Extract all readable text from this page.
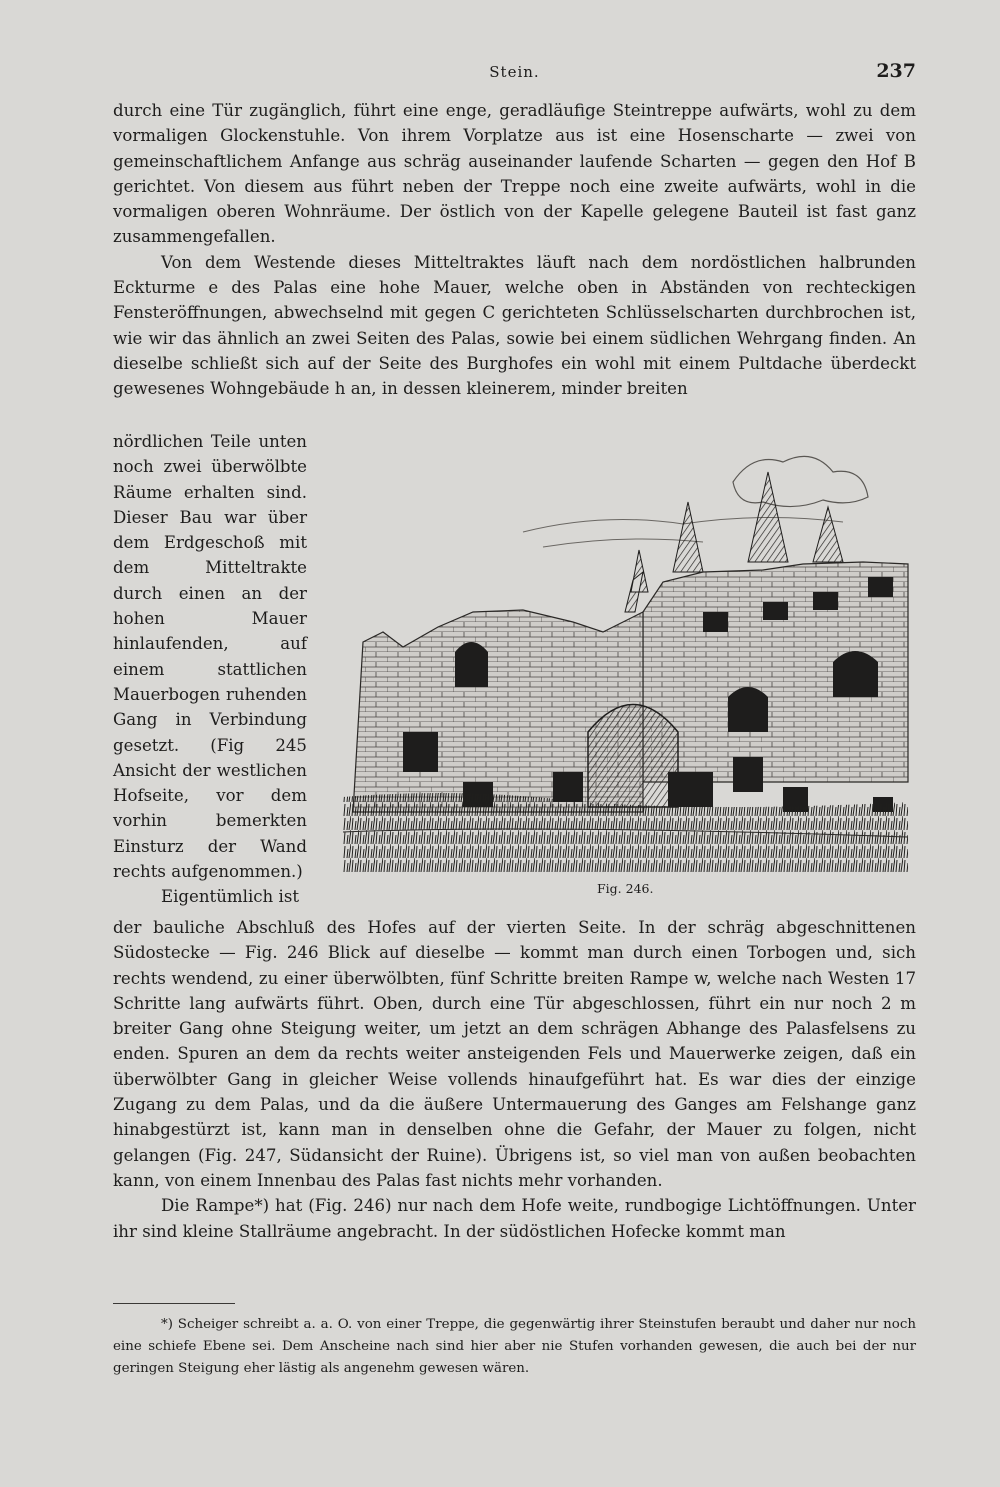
Stein.	237

durch eine Tür zugänglich, führt eine enge, geradläufige Steintreppe aufwärts, wohl zu dem vormaligen Glockenstuhle. Von ihrem Vorplatze aus ist eine Hosenscharte — zwei von gemeinschaftlichem Anfange aus schräg auseinander laufende Scharten — gegen den Hof B gerichtet. Von diesem aus führt neben der Treppe noch eine zweite aufwärts, wohl in die vormaligen oberen Wohnräume. Der östlich von der Kapelle gelegene Bauteil ist fast ganz zusammengefallen.

Von dem Westende dieses Mitteltraktes läuft nach dem nordöstlichen halbrunden Eckturme e des Palas eine hohe Mauer, welche oben in Abständen von rechteckigen Fensteröffnungen, abwechselnd mit gegen C gerichteten Schlüsselscharten durchbrochen ist, wie wir das ähnlich an zwei Seiten des Palas, sowie bei einem südlichen Wehrgang finden. An dieselbe schließt sich auf der Seite des Burghofes ein wohl mit einem Pultdache überdeckt gewesenes Wohngebäude h an, in dessen kleinerem, minder breiten

nördlichen Teile unten noch zwei überwölbte Räume erhalten sind. Dieser Bau war über dem Erdgeschoß mit dem Mitteltrakte durch einen an der hohen Mauer hinlaufenden, auf einem stattlichen Mauerbogen ruhenden Gang in Verbindung gesetzt. (Fig 245 Ansicht der westlichen Hofseite, vor dem vorhin bemerkten Einsturz der Wand rechts aufgenommen.)

Eigentümlich ist	Fig. 246.

der bauliche Abschluß des Hofes auf der vierten Seite. In der schräg abgeschnittenen Südostecke — Fig. 246 Blick auf dieselbe — kommt man durch einen Torbogen und, sich rechts wendend, zu einer überwölbten, fünf Schritte breiten Rampe w, welche nach Westen 17 Schritte lang aufwärts führt. Oben, durch eine Tür abgeschlossen, führt ein nur noch 2 m breiter Gang ohne Steigung weiter, um jetzt an dem schrägen Abhange des Palasfelsens zu enden. Spuren an dem da rechts weiter ansteigenden Fels und Mauerwerke zeigen, daß ein überwölbter Gang in gleicher Weise vollends hinaufgeführt hat. Es war dies der einzige Zugang zu dem Palas, und da die äußere Untermauerung des Ganges am Felshange ganz hinabgestürzt ist, kann man in denselben ohne die Gefahr, der Mauer zu folgen, nicht gelangen (Fig. 247, Südansicht der Ruine). Übrigens ist, so viel man von außen beobachten kann, von einem Innenbau des Palas fast nichts mehr vorhanden.

Die Rampe*) hat (Fig. 246) nur nach dem Hofe weite, rundbogige Lichtöffnungen. Unter ihr sind kleine Stallräume angebracht. In der südöstlichen Hofecke kommt man

*) Scheiger schreibt a. a. O. von einer Treppe, die gegenwärtig ihrer Steinstufen beraubt und daher nur noch eine schiefe Ebene sei. Dem Anscheine nach sind hier aber nie Stufen vorhanden gewesen, die auch bei der nur geringen Steigung eher lästig als angenehm gewesen wären.
